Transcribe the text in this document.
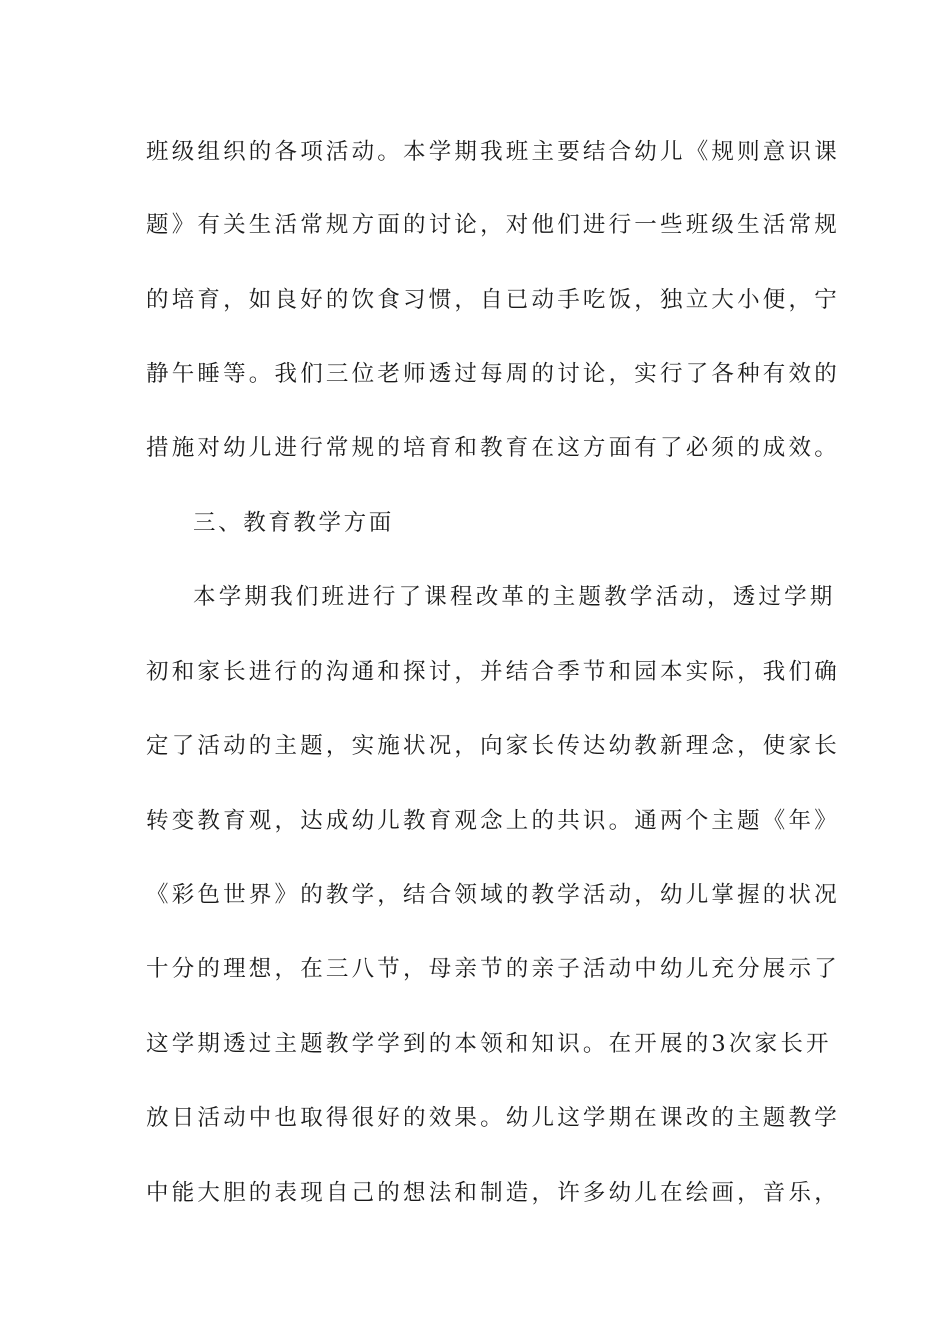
班级组织的各项活动。本学期我班主要结合幼儿《规则意识课
题》有关生活常规方面的讨论，对他们进行一些班级生活常规
的培育，如良好的饮食习惯，自已动手吃饭，独立大小便，宁
静午睡等。我们三位老师透过每周的讨论，实行了各种有效的
措施对幼儿进行常规的培育和教育在这方面有了必须的成效。
三、教育教学方面
本学期我们班进行了课程改革的主题教学活动，透过学期
初和家长进行的沟通和探讨，并结合季节和园本实际，我们确
定了活动的主题，实施状况，向家长传达幼教新理念，使家长
转变教育观，达成幼儿教育观念上的共识。通两个主题《年》
《彩色世界》的教学，结合领域的教学活动，幼儿掌握的状况
十分的理想，在三八节，母亲节的亲子活动中幼儿充分展示了
这学期透过主题教学学到的本领和知识。在开展的3次家长开
放日活动中也取得很好的效果。幼儿这学期在课改的主题教学
中能大胆的表现自己的想法和制造，许多幼儿在绘画，音乐，
